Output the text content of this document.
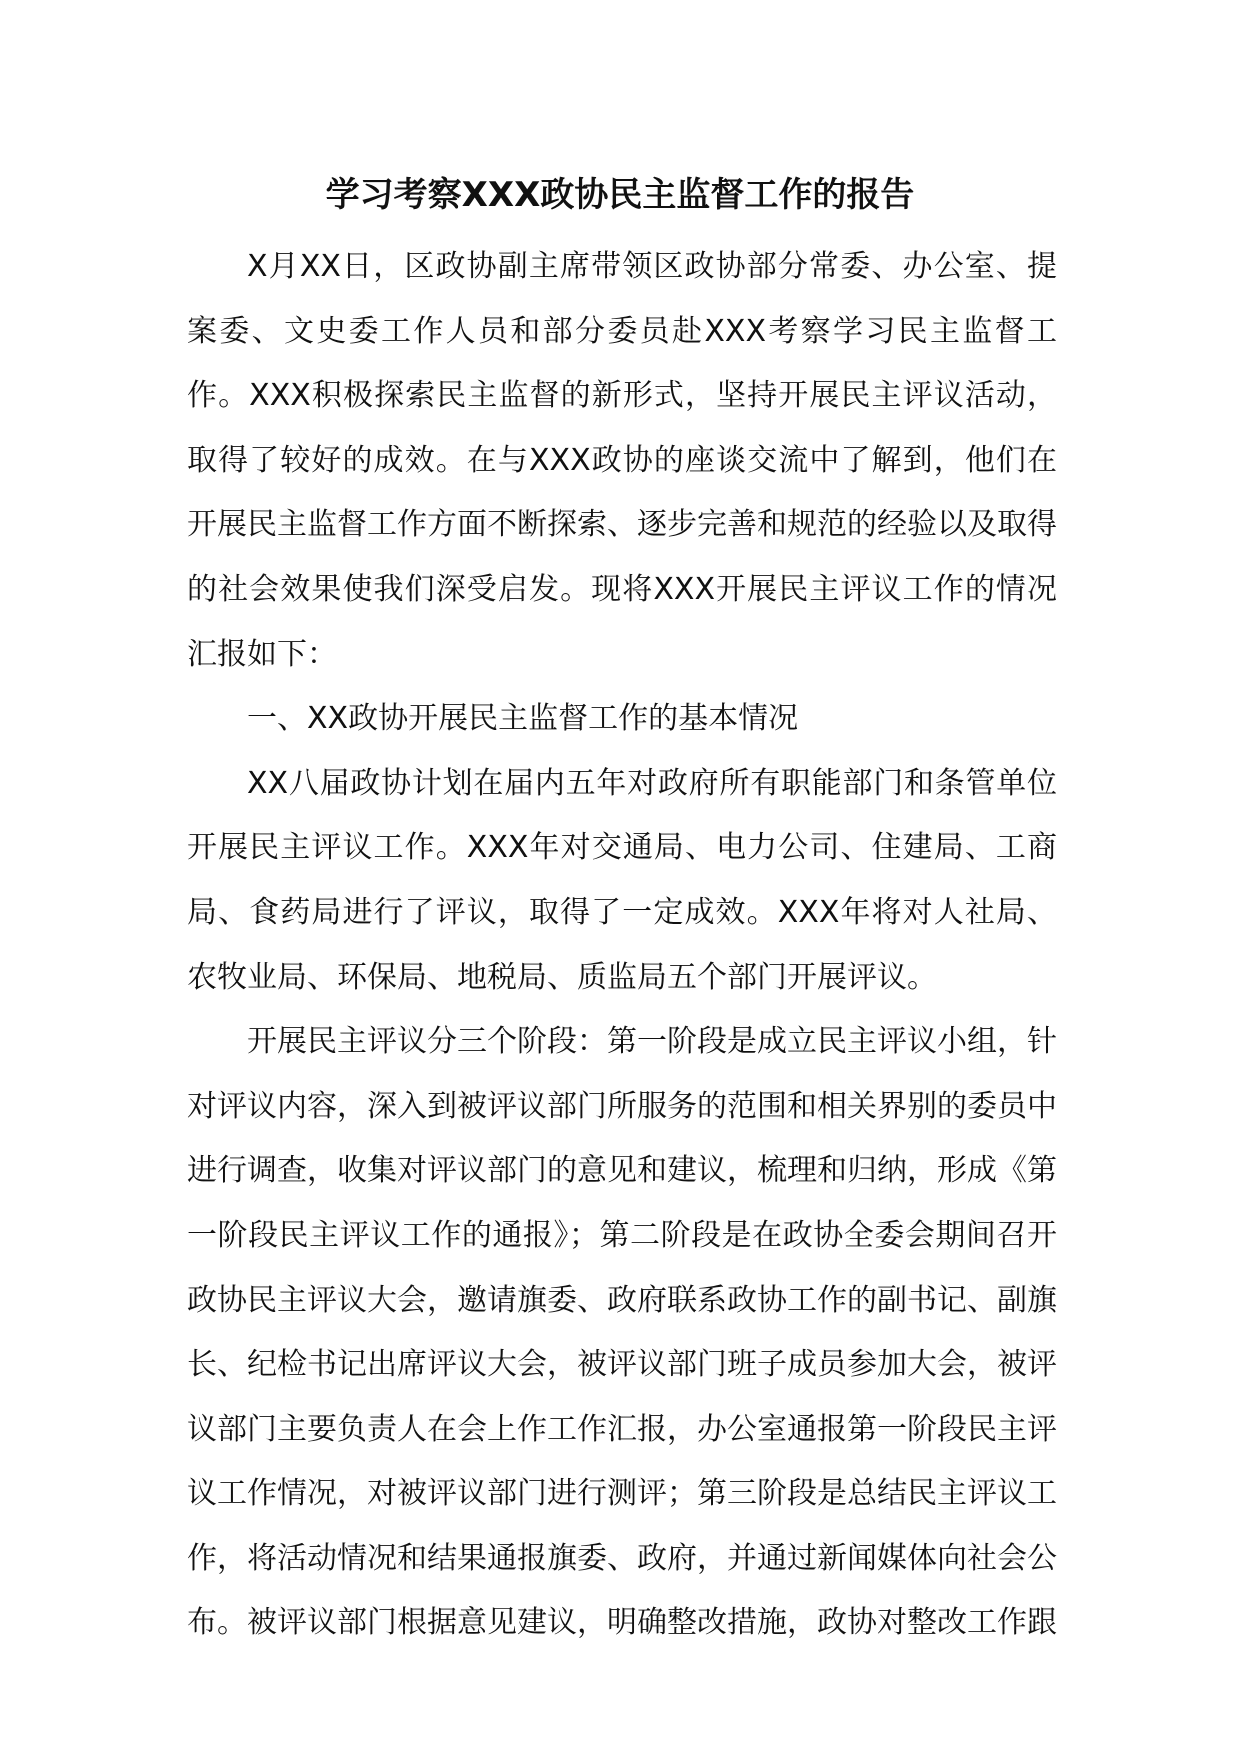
学习考察XXX政协民主监督工作的报告

X月XX日，区政协副主席带领区政协部分常委、办公室、提案委、文史委工作人员和部分委员赴XXX考察学习民主监督工作。XXX积极探索民主监督的新形式，坚持开展民主评议活动，取得了较好的成效。在与XXX政协的座谈交流中了解到，他们在开展民主监督工作方面不断探索、逐步完善和规范的经验以及取得的社会效果使我们深受启发。现将XXX开展民主评议工作的情况汇报如下：

一、XX政协开展民主监督工作的基本情况

XX八届政协计划在届内五年对政府所有职能部门和条管单位开展民主评议工作。XXX年对交通局、电力公司、住建局、工商局、食药局进行了评议，取得了一定成效。XXX年将对人社局、农牧业局、环保局、地税局、质监局五个部门开展评议。

开展民主评议分三个阶段：第一阶段是成立民主评议小组，针对评议内容，深入到被评议部门所服务的范围和相关界别的委员中进行调查，收集对评议部门的意见和建议，梳理和归纳，形成《第一阶段民主评议工作的通报》；第二阶段是在政协全委会期间召开政协民主评议大会，邀请旗委、政府联系政协工作的副书记、副旗长、纪检书记出席评议大会，被评议部门班子成员参加大会，被评议部门主要负责人在会上作工作汇报，办公室通报第一阶段民主评议工作情况，对被评议部门进行测评；第三阶段是总结民主评议工作，将活动情况和结果通报旗委、政府，并通过新闻媒体向社会公布。被评议部门根据意见建议，明确整改措施，政协对整改工作跟
